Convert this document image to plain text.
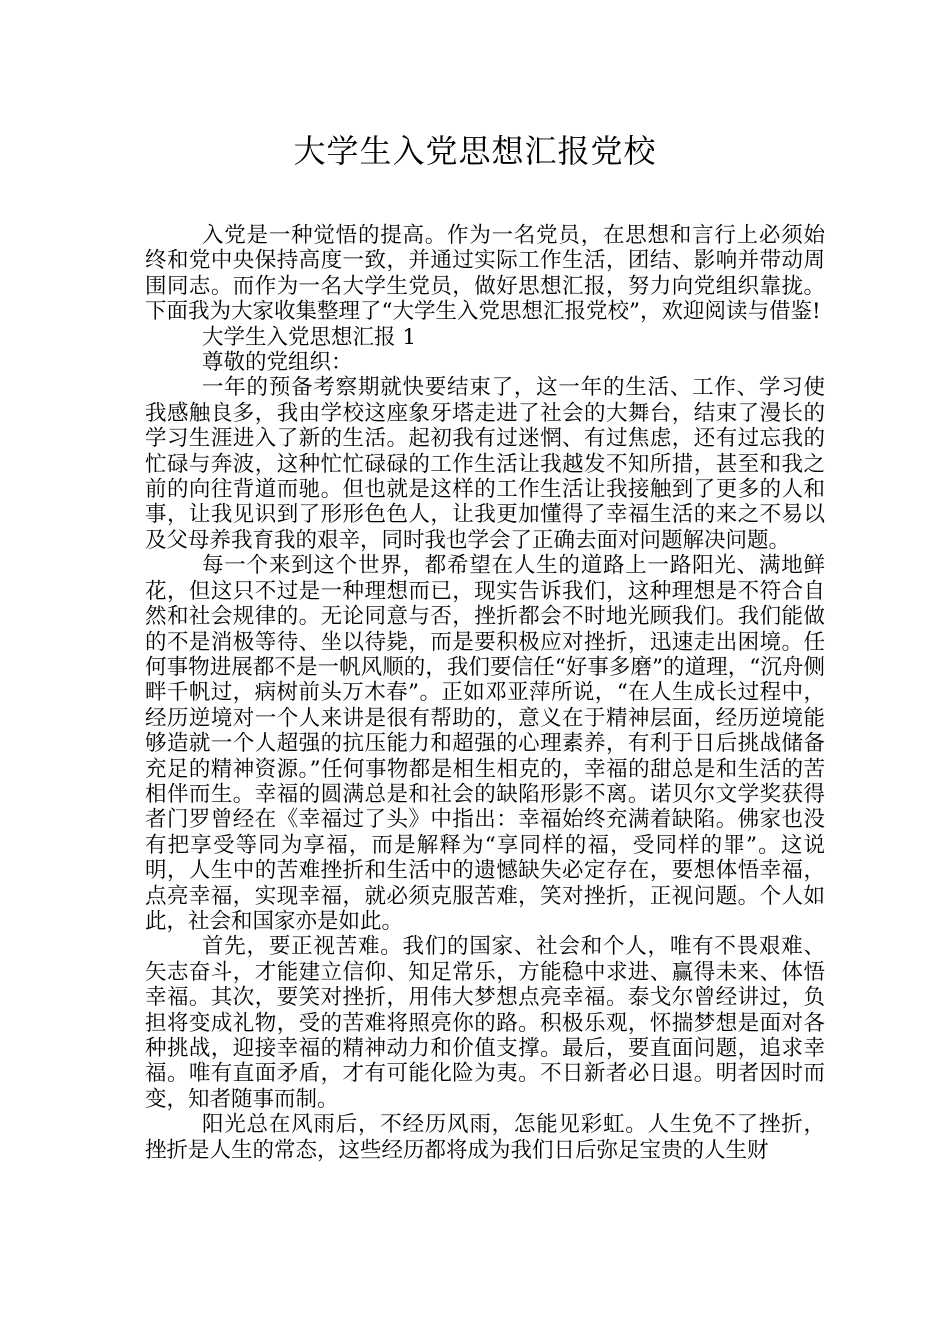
大学生入党思想汇报党校

入党是一种觉悟的提高。作为一名党员，在思想和言行上必须始终和党中央保持高度一致，并通过实际工作生活，团结、影响并带动周围同志。而作为一名大学生党员，做好思想汇报，努力向党组织靠拢。下面我为大家收集整理了“大学生入党思想汇报党校”，欢迎阅读与借鉴!

大学生入党思想汇报 1

尊敬的党组织：

一年的预备考察期就快要结束了，这一年的生活、工作、学习使我感触良多，我由学校这座象牙塔走进了社会的大舞台，结束了漫长的学习生涯进入了新的生活。起初我有过迷惘、有过焦虑，还有过忘我的忙碌与奔波，这种忙忙碌碌的工作生活让我越发不知所措，甚至和我之前的向往背道而驰。但也就是这样的工作生活让我接触到了更多的人和事，让我见识到了形形色色人，让我更加懂得了幸福生活的来之不易以及父母养我育我的艰辛，同时我也学会了正确去面对问题解决问题。

每一个来到这个世界，都希望在人生的道路上一路阳光、满地鲜花，但这只不过是一种理想而已，现实告诉我们，这种理想是不符合自然和社会规律的。无论同意与否，挫折都会不时地光顾我们。我们能做的不是消极等待、坐以待毙，而是要积极应对挫折，迅速走出困境。任何事物进展都不是一帆风顺的，我们要信任“好事多磨”的道理，“沉舟侧畔千帆过，病树前头万木春”。正如邓亚萍所说，“在人生成长过程中，经历逆境对一个人来讲是很有帮助的，意义在于精神层面，经历逆境能够造就一个人超强的抗压能力和超强的心理素养，有利于日后挑战储备充足的精神资源。”任何事物都是相生相克的，幸福的甜总是和生活的苦相伴而生。幸福的圆满总是和社会的缺陷形影不离。诺贝尔文学奖获得者门罗曾经在《幸福过了头》中指出：幸福始终充满着缺陷。佛家也没有把享受等同为享福，而是解释为“享同样的福，受同样的罪”。这说明，人生中的苦难挫折和生活中的遗憾缺失必定存在，要想体悟幸福，点亮幸福，实现幸福，就必须克服苦难，笑对挫折，正视问题。个人如此，社会和国家亦是如此。

首先，要正视苦难。我们的国家、社会和个人，唯有不畏艰难、矢志奋斗，才能建立信仰、知足常乐，方能稳中求进、赢得未来、体悟幸福。其次，要笑对挫折，用伟大梦想点亮幸福。泰戈尔曾经讲过，负担将变成礼物，受的苦难将照亮你的路。积极乐观，怀揣梦想是面对各种挑战，迎接幸福的精神动力和价值支撑。最后，要直面问题，追求幸福。唯有直面矛盾，才有可能化险为夷。不日新者必日退。明者因时而变，知者随事而制。

阳光总在风雨后，不经历风雨，怎能见彩虹。人生免不了挫折，挫折是人生的常态，这些经历都将成为我们日后弥足宝贵的人生财
